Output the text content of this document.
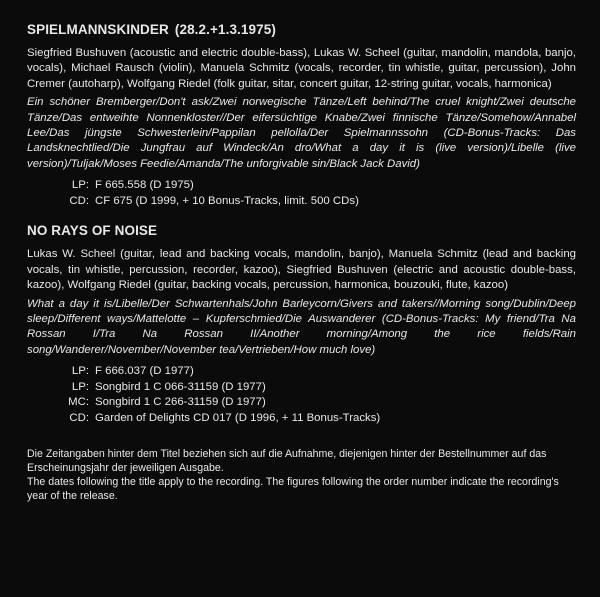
SPIELMANNSKINDER (28.2.+1.3.1975)

Siegfried Bushuven (acoustic and electric double-bass), Lukas W. Scheel (guitar, mandolin, mandola, banjo, vocals), Michael Rausch (violin), Manuela Schmitz (vocals, recorder, tin whistle, guitar, percussion), John Cremer (autoharp), Wolfgang Riedel (folk guitar, sitar, concert guitar, 12-string guitar, vocals, harmonica)

Ein schöner Bremberger/Don't ask/Zwei norwegische Tänze/Left behind/The cruel knight/Zwei deutsche Tänze/Das entweihte Nonnenkloster//Der eifersüchtige Knabe/Zwei finnische Tänze/Somehow/Annabel Lee/Das jüngste Schwesterlein/Pappilan pellolla/Der Spielmannssohn (CD-Bonus-Tracks: Das Landsknechtlied/Die Jungfrau auf Windeck/An dro/What a day it is (live version)/Libelle (live version)/Tuljak/Moses Feedie/Amanda/The unforgivable sin/Black Jack David)

LP: F 665.558 (D 1975)
CD: CF 675 (D 1999, + 10 Bonus-Tracks, limit. 500 CDs)
NO RAYS OF NOISE

Lukas W. Scheel (guitar, lead and backing vocals, mandolin, banjo), Manuela Schmitz (lead and backing vocals, tin whistle, percussion, recorder, kazoo), Siegfried Bushuven (electric and acoustic double-bass, kazoo), Wolfgang Riedel (guitar, backing vocals, percussion, harmonica, bouzouki, flute, kazoo)

What a day it is/Libelle/Der Schwartenhals/John Barleycorn/Givers and takers//Morning song/Dublin/Deep sleep/Different ways/Mattelotte – Kupferschmied/Die Auswanderer (CD-Bonus-Tracks: My friend/Tra Na Rossan I/Tra Na Rossan II/Another morning/Among the rice fields/Rain song/Wanderer/November/November tea/Vertrieben/How much love)

LP: F 666.037 (D 1977)
LP: Songbird 1 C 066-31159 (D 1977)
MC: Songbird 1 C 266-31159 (D 1977)
CD: Garden of Delights CD 017 (D 1996, + 11 Bonus-Tracks)

Die Zeitangaben hinter dem Titel beziehen sich auf die Aufnahme, diejenigen hinter der Bestellnummer auf das Erscheinungsjahr der jeweiligen Ausgabe.

The dates following the title apply to the recording. The figures following the order number indicate the recording's year of the release.
